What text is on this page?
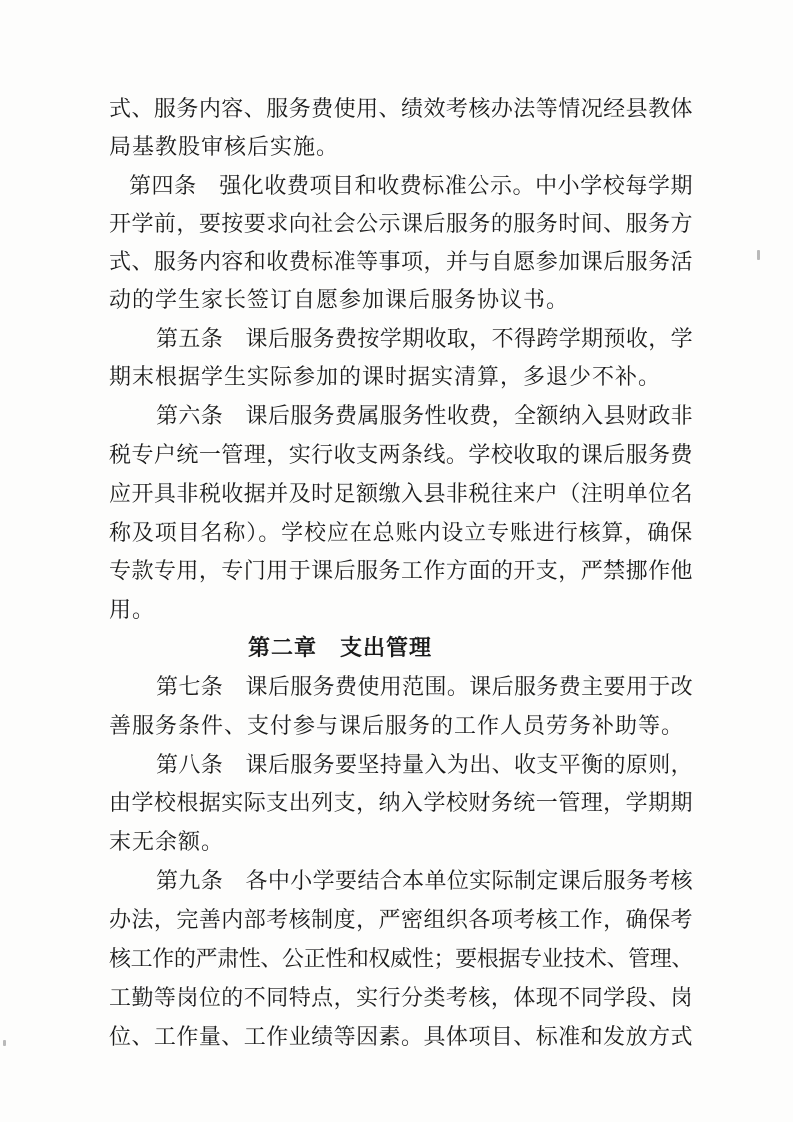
式、服务内容、服务费使用、绩效考核办法等情况经县教体
局基教股审核后实施。
第四条　强化收费项目和收费标准公示。中小学校每学期
开学前，要按要求向社会公示课后服务的服务时间、服务方
式、服务内容和收费标准等事项，并与自愿参加课后服务活
动的学生家长签订自愿参加课后服务协议书。
第五条　课后服务费按学期收取，不得跨学期预收，学
期末根据学生实际参加的课时据实清算，多退少不补。
第六条　课后服务费属服务性收费，全额纳入县财政非
税专户统一管理，实行收支两条线。学校收取的课后服务费
应开具非税收据并及时足额缴入县非税往来户（注明单位名
称及项目名称）。学校应在总账内设立专账进行核算，确保
专款专用，专门用于课后服务工作方面的开支，严禁挪作他
用。
第二章　支出管理
第七条　课后服务费使用范围。课后服务费主要用于改
善服务条件、支付参与课后服务的工作人员劳务补助等。
第八条　课后服务要坚持量入为出、收支平衡的原则，
由学校根据实际支出列支，纳入学校财务统一管理，学期期
末无余额。
第九条　各中小学要结合本单位实际制定课后服务考核
办法，完善内部考核制度，严密组织各项考核工作，确保考
核工作的严肃性、公正性和权威性；要根据专业技术、管理、
工勤等岗位的不同特点，实行分类考核，体现不同学段、岗
位、工作量、工作业绩等因素。具体项目、标准和发放方式
